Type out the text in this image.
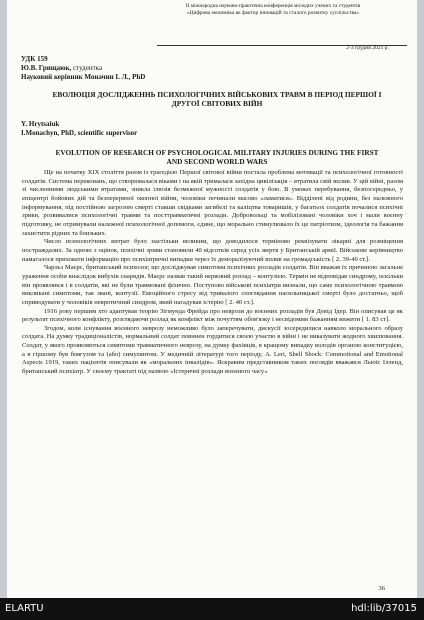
II міжнародна науково-практична конференція молодих учених та студентів
«Цифрова економіка як фактор інновацій та сталого розвитку суспільства»
2-3 грудня 2021 р.
УДК 159
Ю.В. Грищаюк, студентка
Науковий керівник Моначин І. Л., PhD
ЕВОЛЮЦІЯ ДОСЛІДЖЕННЬ ПСИХОЛОГІЧНИХ ВІЙСЬКОВИХ ТРАВМ В ПЕРІОД ПЕРШОЇ І ДРУГОЇ СВІТОВИХ ВІЙН
Y. Hrytsaiuk
I.Monachyn, PhD, scientific supervisor
EVOLUTION OF RESEARCH OF PSYCHOLOGICAL MILITARY INJURIES DURING THE FIRST AND SECOND WORLD WARS

Ще на початку XIX століття разом із трагедією Першої світової війни постала проблема мотивації та психологічної готовності солдатів. Система переконань, що створювалася віками і на якій трималася західна цивілізація – втратила свій вплив. У цій війні, разом зі численними людськими втратами, зникла ілюзія безмежної мужності солдатів у бою. В умовах перебування, безпосередньо, у епіцентрі бойових дій та безперервної окопної війни, чоловіки починали масово «ламатися». Відділені від родини, без належного інформування, під постійною загрозою смерті ставши свідками загибелі та каліцтва товаришів, у багатьох солдатів почалися психічні зриви, розвивалися психологічні травми та посттравматичні розлади. Добровольці та мобілізовані чоловіки хоч і мали воєнну підготовку, не отримували належної психологічної допомоги, єдине, що морально стимулювало їх це патріотизм, ідеологія та бажання захистити рідних та близьких.

Число психологічних витрат було настільки великим, що доводилося терміново реквізувати лікарні для розміщення постраждалих. За одною з оцінок, психічні зриви становили 40 відсотків серед усіх жертв у Британській армії. Військове керівництво намагалося приховати інформацію про психіатричні випадки через їх деморалізуючий вплив на громадськість [ 2. 39-40 ст.].

Чарльз Маєрс, британський психолог, що досліджував симптоми психічних розладів солдатів. Він вважав їх причиною загальне ураження осоbи внаслідок вибухів снарядів. Маєрс назвав такий нервовий розлад – контузією. Термін не відповідав синдрому, оскільки він проявлявся і в солдатів, які не були травмовані фізично. Поступово військові психіатри визнали, що саме психологічною травмою викликані симптоми, так звані, контузії. Емоційного стресу від тривалого споглядання насильницької смерті було достатньо, щоб сприводувати у чоловіків невротичний синдром, який нагадував істерію [ 2. 40 ст.].

1916 року першим хто адаптував теорію Зігмунда Фрейда про неврози до воєнних розладів був Девід Ідер. Він описував це як результат психічного конфлікту, розглядаючи розлад як конфлікт між почуттям обов'язку і несвідомим бажанням вижити [ 1. 83 ст].

Згодом, коли існування воєнного неврозу неможливо було заперечувати, дискусії зосередилися навколо морального образу солдата. На думку традиціоналістів, нормальний солдат повинен гордитися своєю участю в війні і не виказувати жодного хвилювання. Солдат, у якого проявляються симптоми травматичного неврозу, на думку фахівців, в кращому випадку володів органою конституцією, а в гіршому був боягузом та (або) симулянтом. У медичній літературі того періоду, A. Leri, Shell Shock: Commotional and Emotional Aspects 1919, таких пацієнтів описували як «моральних інвалідів». Яскравим представником таких поглядів вважався Льюїс Ілленд, британський психіатр. У своєму трактаті під назвою «Істеричні розлади воєнного часу»

36
ELARTU	hdl:lib/37015
